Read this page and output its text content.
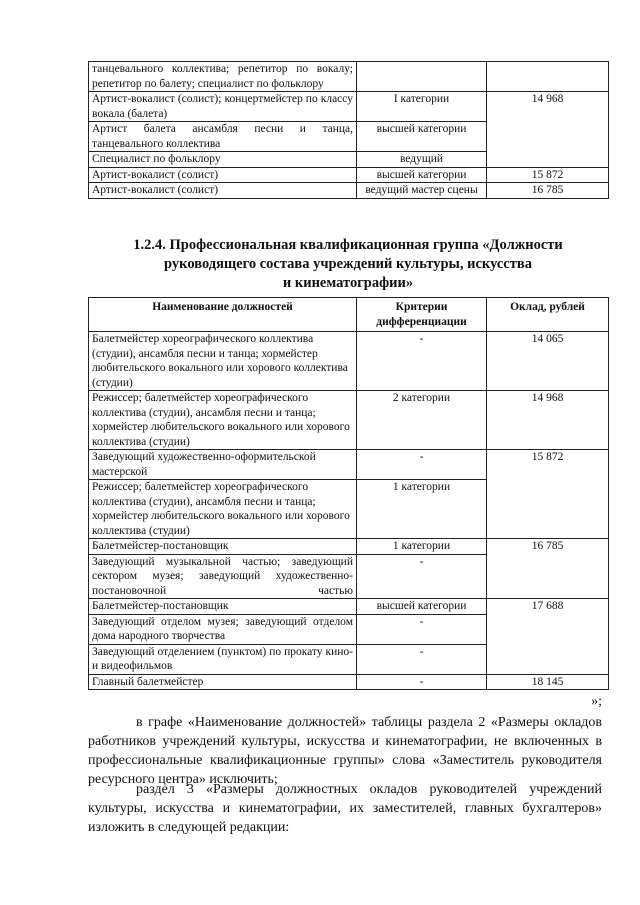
танцевального коллектива; репетитор по вокалу; репетитор по балету; специалист по фольклору		
Артист-вокалист (солист); концертмейстер по классу вокала (балета)	I категории	14 968
Артист балета ансамбля песни и танца, танцевального коллектива	высшей категории	
Специалист по фольклору	ведущий	
Артист-вокалист (солист)	высшей категории	15 872
Артист-вокалист (солист)	ведущий мастер сцены	16 785
1.2.4. Профессиональная квалификационная группа «Должности
руководящего состава учреждений культуры, искусства
и кинематографии»
Наименование должностей	Критерии дифференциации	Оклад, рублей
Балетмейстер хореографического коллектива (студии), ансамбля песни и танца; хормейстер любительского вокального или хорового коллектива (студии)	-	14 065
Режиссер; балетмейстер хореографического коллектива (студии), ансамбля песни и танца; хормейстер любительского вокального или хорового коллектива (студии)	2 категории	14 968
Заведующий художественно-оформительской мастерской	-	15 872
Режиссер; балетмейстер хореографического коллектива (студии), ансамбля песни и танца; хормейстер любительского вокального или хорового коллектива (студии)	1 категории	
Балетмейстер-постановщик	1 категории	16 785
Заведующий музыкальной частью; заведующий сектором музея; заведующий художественно-постановочной частью	-	
Балетмейстер-постановщик	высшей категории	17 688
Заведующий отделом музея; заведующий отделом дома народного творчества	-	
Заведующий отделением (пунктом) по прокату кино- и видеофильмов	-	
Главный балетмейстер	-	18 145
»;

в графе «Наименование должностей» таблицы раздела 2 «Размеры окладов работников учреждений культуры, искусства и кинематографии, не включенных в профессиональные квалификационные группы» слова «Заместитель руководителя ресурсного центра» исключить;

раздел 3 «Размеры должностных окладов руководителей учреждений культуры, искусства и кинематографии, их заместителей, главных бухгалтеров» изложить в следующей редакции:
